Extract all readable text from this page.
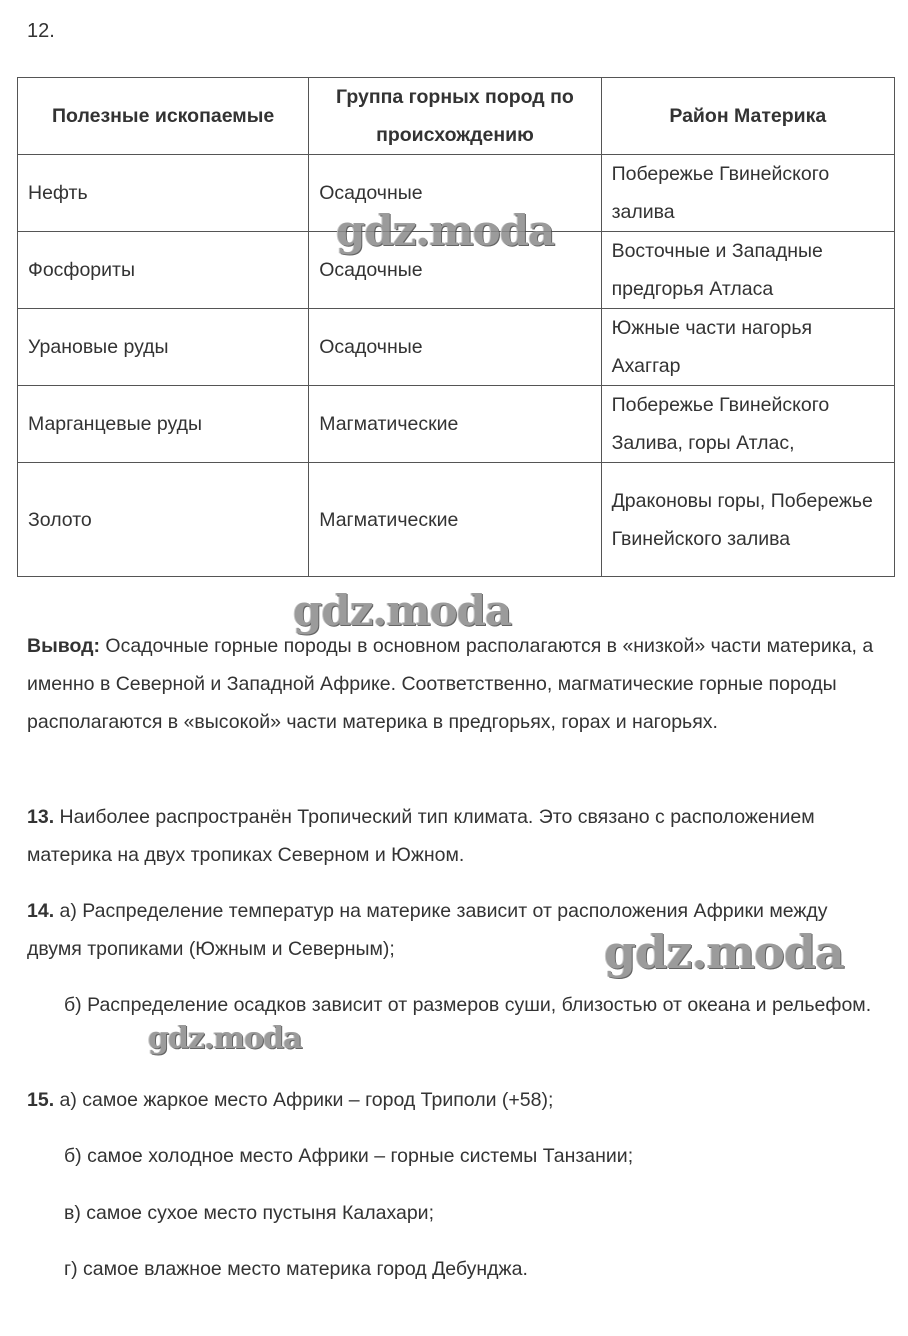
12.
Полезные ископаемые	Группа горных пород по происхождению	Район Материка
Нефть	Осадочные	Побережье Гвинейского залива
Фосфориты	Осадочные	Восточные и Западные предгорья Атласа
Урановые руды	Осадочные	Южные части нагорья Ахаггар
Марганцевые руды	Магматические	Побережье Гвинейского Залива, горы Атлас,
Золото	Магматические	Драконовы горы, Побережье Гвинейского залива
Вывод: Осадочные горные породы в основном располагаются в «низкой» части материка, а именно в Северной и Западной Африке. Соответственно, магматические горные породы располагаются в «высокой» части материка в предгорьях, горах и нагорьях.
13. Наиболее распространён Тропический тип климата. Это связано с расположением материка на двух тропиках Северном и Южном.
14. а) Распределение температур на материке зависит от расположения Африки между двумя тропиками (Южным и Северным);
б) Распределение осадков зависит от размеров суши, близостью от океана и рельефом.
15. а) самое жаркое место Африки – город Триполи (+58);
б) самое холодное место Африки – горные системы Танзании;
в) самое сухое место пустыня Калахари;
г) самое влажное место материка город Дебунджа.
gdz.moda
gdz.moda
gdz.moda
gdz.moda
